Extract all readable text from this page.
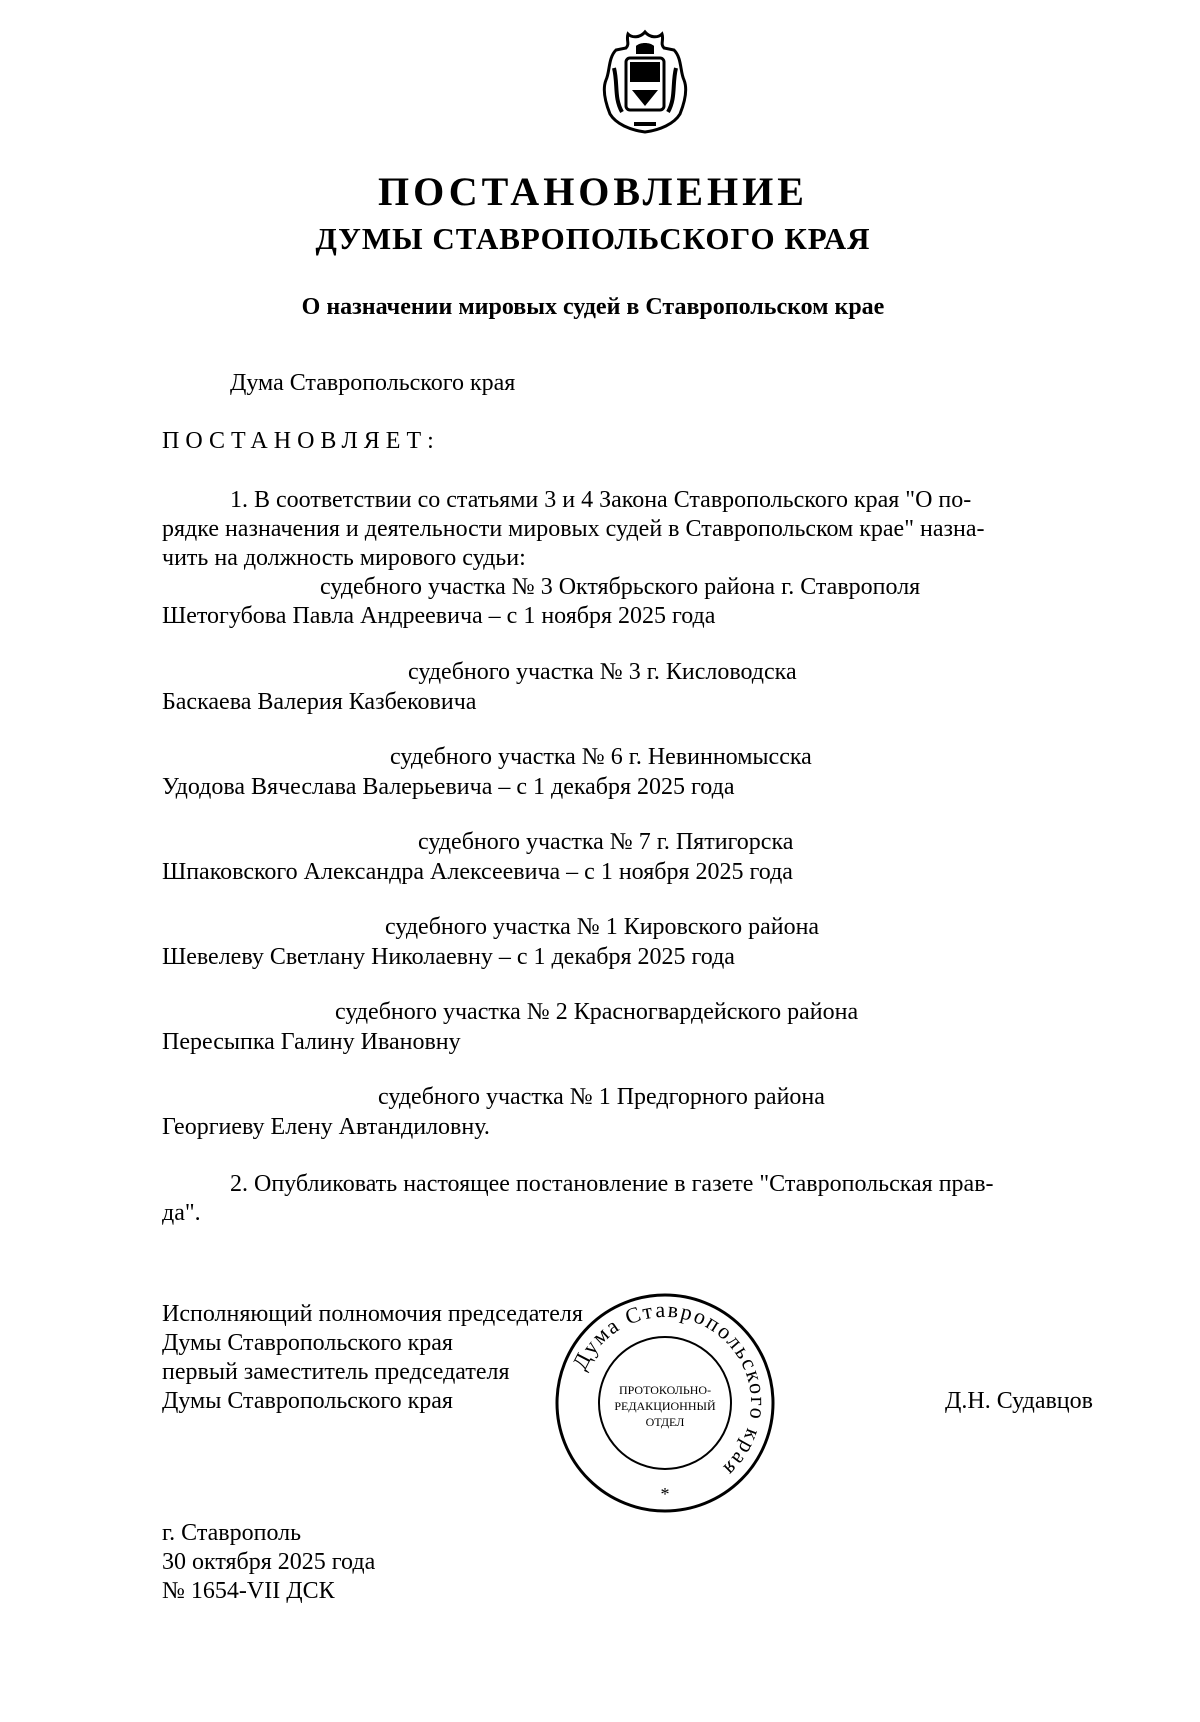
ПОСТАНОВЛЕНИЕ
ДУМЫ СТАВРОПОЛЬСКОГО КРАЯ
О назначении мировых судей в Ставропольском крае
Дума Ставропольского края
ПОСТАНОВЛЯЕТ:
1. В соответствии со статьями 3 и 4 Закона Ставропольского края "О по-
рядке назначения и деятельности мировых судей в Ставропольском крае" назна-
чить на должность мирового судьи:
судебного участка № 3 Октябрьского района г. Ставрополя
Шетогубова Павла Андреевича – с 1 ноября 2025 года
судебного участка № 3 г. Кисловодска
Баскаева Валерия Казбековича
судебного участка № 6 г. Невинномысска
Удодова Вячеслава Валерьевича – с 1 декабря 2025 года
судебного участка № 7 г. Пятигорска
Шпаковского Александра Алексеевича – с 1 ноября 2025 года
судебного участка № 1 Кировского района
Шевелеву Светлану Николаевну – с 1 декабря 2025 года
судебного участка № 2 Красногвардейского района
Пересыпка Галину Ивановну
судебного участка № 1 Предгорного района
Георгиеву Елену Автандиловну.
2. Опубликовать настоящее постановление в газете "Ставропольская прав-
да".
Исполняющий полномочия председателя
Думы Ставропольского края
первый заместитель председателя
Думы Ставропольского края	Д.Н. Судавцов
Дума Ставропольского края
ПРОТОКОЛЬНО-
РЕДАКЦИОННЫЙ
ОТДЕЛ
*
г. Ставрополь
30 октября 2025 года
№ 1654-VII ДСК
